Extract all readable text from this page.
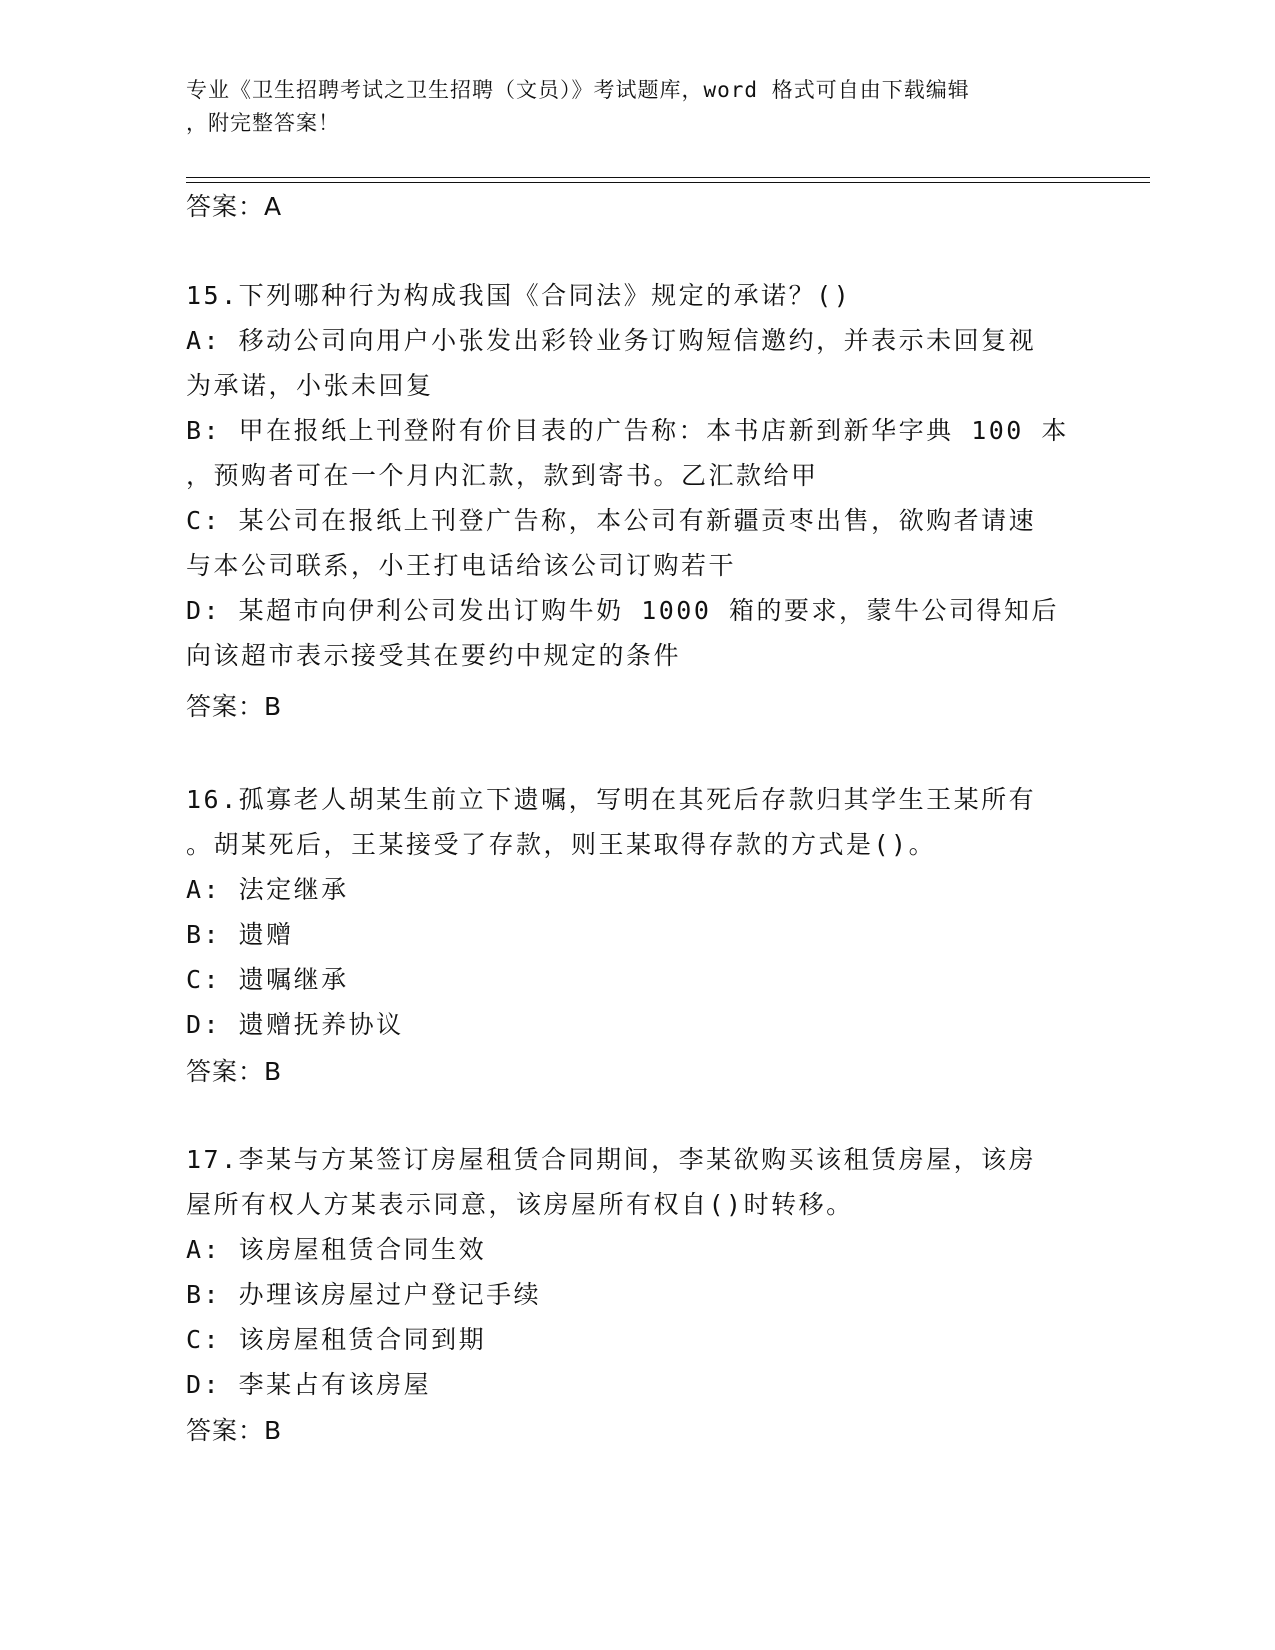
专业《卫生招聘考试之卫生招聘（文员）》考试题库，word 格式可自由下载编辑
，附完整答案！
答案：A

15.下列哪种行为构成我国《合同法》规定的承诺？()

A: 移动公司向用户小张发出彩铃业务订购短信邀约，并表示未回复视

为承诺，小张未回复

B: 甲在报纸上刊登附有价目表的广告称：本书店新到新华字典 100 本

，预购者可在一个月内汇款，款到寄书。乙汇款给甲

C: 某公司在报纸上刊登广告称，本公司有新疆贡枣出售，欲购者请速

与本公司联系，小王打电话给该公司订购若干

D: 某超市向伊利公司发出订购牛奶 1000 箱的要求，蒙牛公司得知后

向该超市表示接受其在要约中规定的条件

答案：B

16.孤寡老人胡某生前立下遗嘱，写明在其死后存款归其学生王某所有

。胡某死后，王某接受了存款，则王某取得存款的方式是()。

A: 法定继承

B: 遗赠

C: 遗嘱继承

D: 遗赠抚养协议

答案：B

17.李某与方某签订房屋租赁合同期间，李某欲购买该租赁房屋，该房

屋所有权人方某表示同意，该房屋所有权自()时转移。

A: 该房屋租赁合同生效

B: 办理该房屋过户登记手续

C: 该房屋租赁合同到期

D: 李某占有该房屋

答案：B
